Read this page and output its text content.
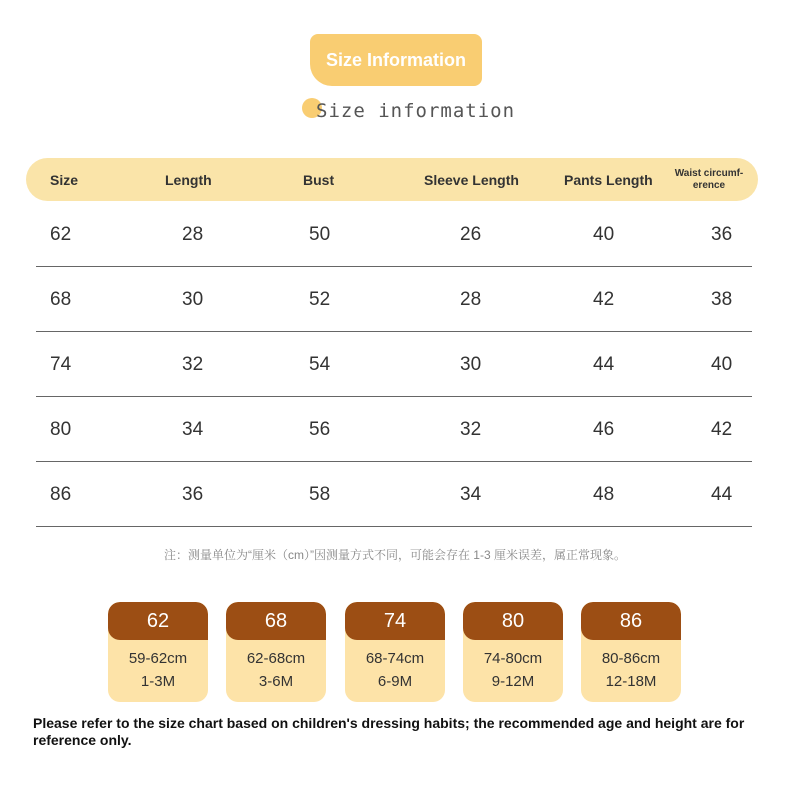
Size Information
Size information
Size	Length	Bust	Sleeve Length	Pants Length	Waist circumf-erence
62	28	50	26	40	36
68	30	52	28	42	38
74	32	54	30	44	40
80	34	56	32	46	42
86	36	58	34	48	44
注：测量单位为“厘米（cm）”因测量方式不同，可能会存在 1-3 厘米误差，属正常现象。
62
59-62cm
1-3M
68
62-68cm
3-6M
74
68-74cm
6-9M
80
74-80cm
9-12M
86
80-86cm
12-18M
Please refer to the size chart based on children's dressing habits; the recommended age and height are for reference only.
